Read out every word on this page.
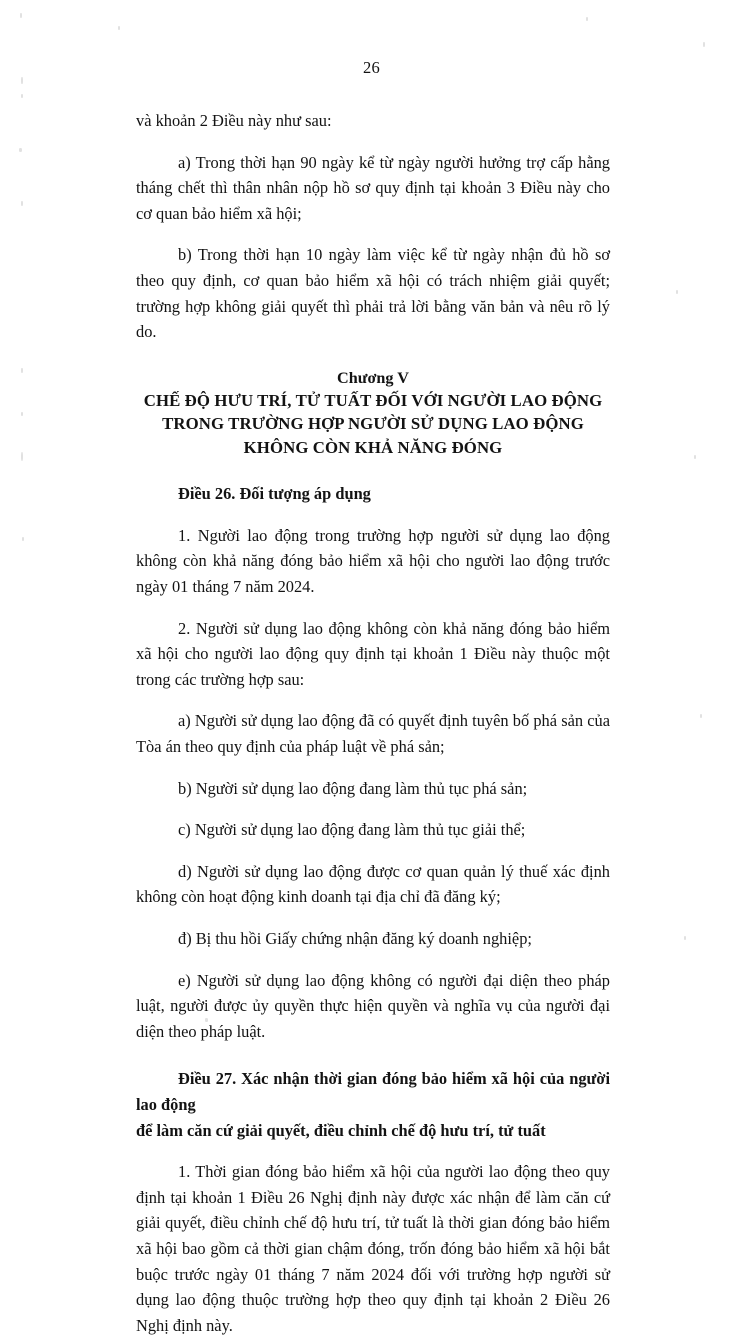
26

và khoản 2 Điều này như sau:

a) Trong thời hạn 90 ngày kể từ ngày người hưởng trợ cấp hằng tháng chết thì thân nhân nộp hồ sơ quy định tại khoản 3 Điều này cho cơ quan bảo hiểm xã hội;

b) Trong thời hạn 10 ngày làm việc kể từ ngày nhận đủ hồ sơ theo quy định, cơ quan bảo hiểm xã hội có trách nhiệm giải quyết; trường hợp không giải quyết thì phải trả lời bằng văn bản và nêu rõ lý do.

Chương V
CHẾ ĐỘ HƯU TRÍ, TỬ TUẤT ĐỐI VỚI NGƯỜI LAO ĐỘNG
TRONG TRƯỜNG HỢP NGƯỜI SỬ DỤNG LAO ĐỘNG
KHÔNG CÒN KHẢ NĂNG ĐÓNG
Điều 26. Đối tượng áp dụng

1. Người lao động trong trường hợp người sử dụng lao động không còn khả năng đóng bảo hiểm xã hội cho người lao động trước ngày 01 tháng 7 năm 2024.

2. Người sử dụng lao động không còn khả năng đóng bảo hiểm xã hội cho người lao động quy định tại khoản 1 Điều này thuộc một trong các trường hợp sau:

a) Người sử dụng lao động đã có quyết định tuyên bố phá sản của Tòa án theo quy định của pháp luật về phá sản;

b) Người sử dụng lao động đang làm thủ tục phá sản;

c) Người sử dụng lao động đang làm thủ tục giải thể;

d) Người sử dụng lao động được cơ quan quản lý thuế xác định không còn hoạt động kinh doanh tại địa chỉ đã đăng ký;

đ) Bị thu hồi Giấy chứng nhận đăng ký doanh nghiệp;

e) Người sử dụng lao động không có người đại diện theo pháp luật, người được ủy quyền thực hiện quyền và nghĩa vụ của người đại diện theo pháp luật.

Điều 27. Xác nhận thời gian đóng bảo hiểm xã hội của người lao động
để làm căn cứ giải quyết, điều chỉnh chế độ hưu trí, tử tuất

1. Thời gian đóng bảo hiểm xã hội của người lao động theo quy định tại khoản 1 Điều 26 Nghị định này được xác nhận để làm căn cứ giải quyết, điều chỉnh chế độ hưu trí, tử tuất là thời gian đóng bảo hiểm xã hội bao gồm cả thời gian chậm đóng, trốn đóng bảo hiểm xã hội bắt buộc trước ngày 01 tháng 7 năm 2024 đối với trường hợp người sử dụng lao động thuộc trường hợp theo quy định tại khoản 2 Điều 26 Nghị định này.
